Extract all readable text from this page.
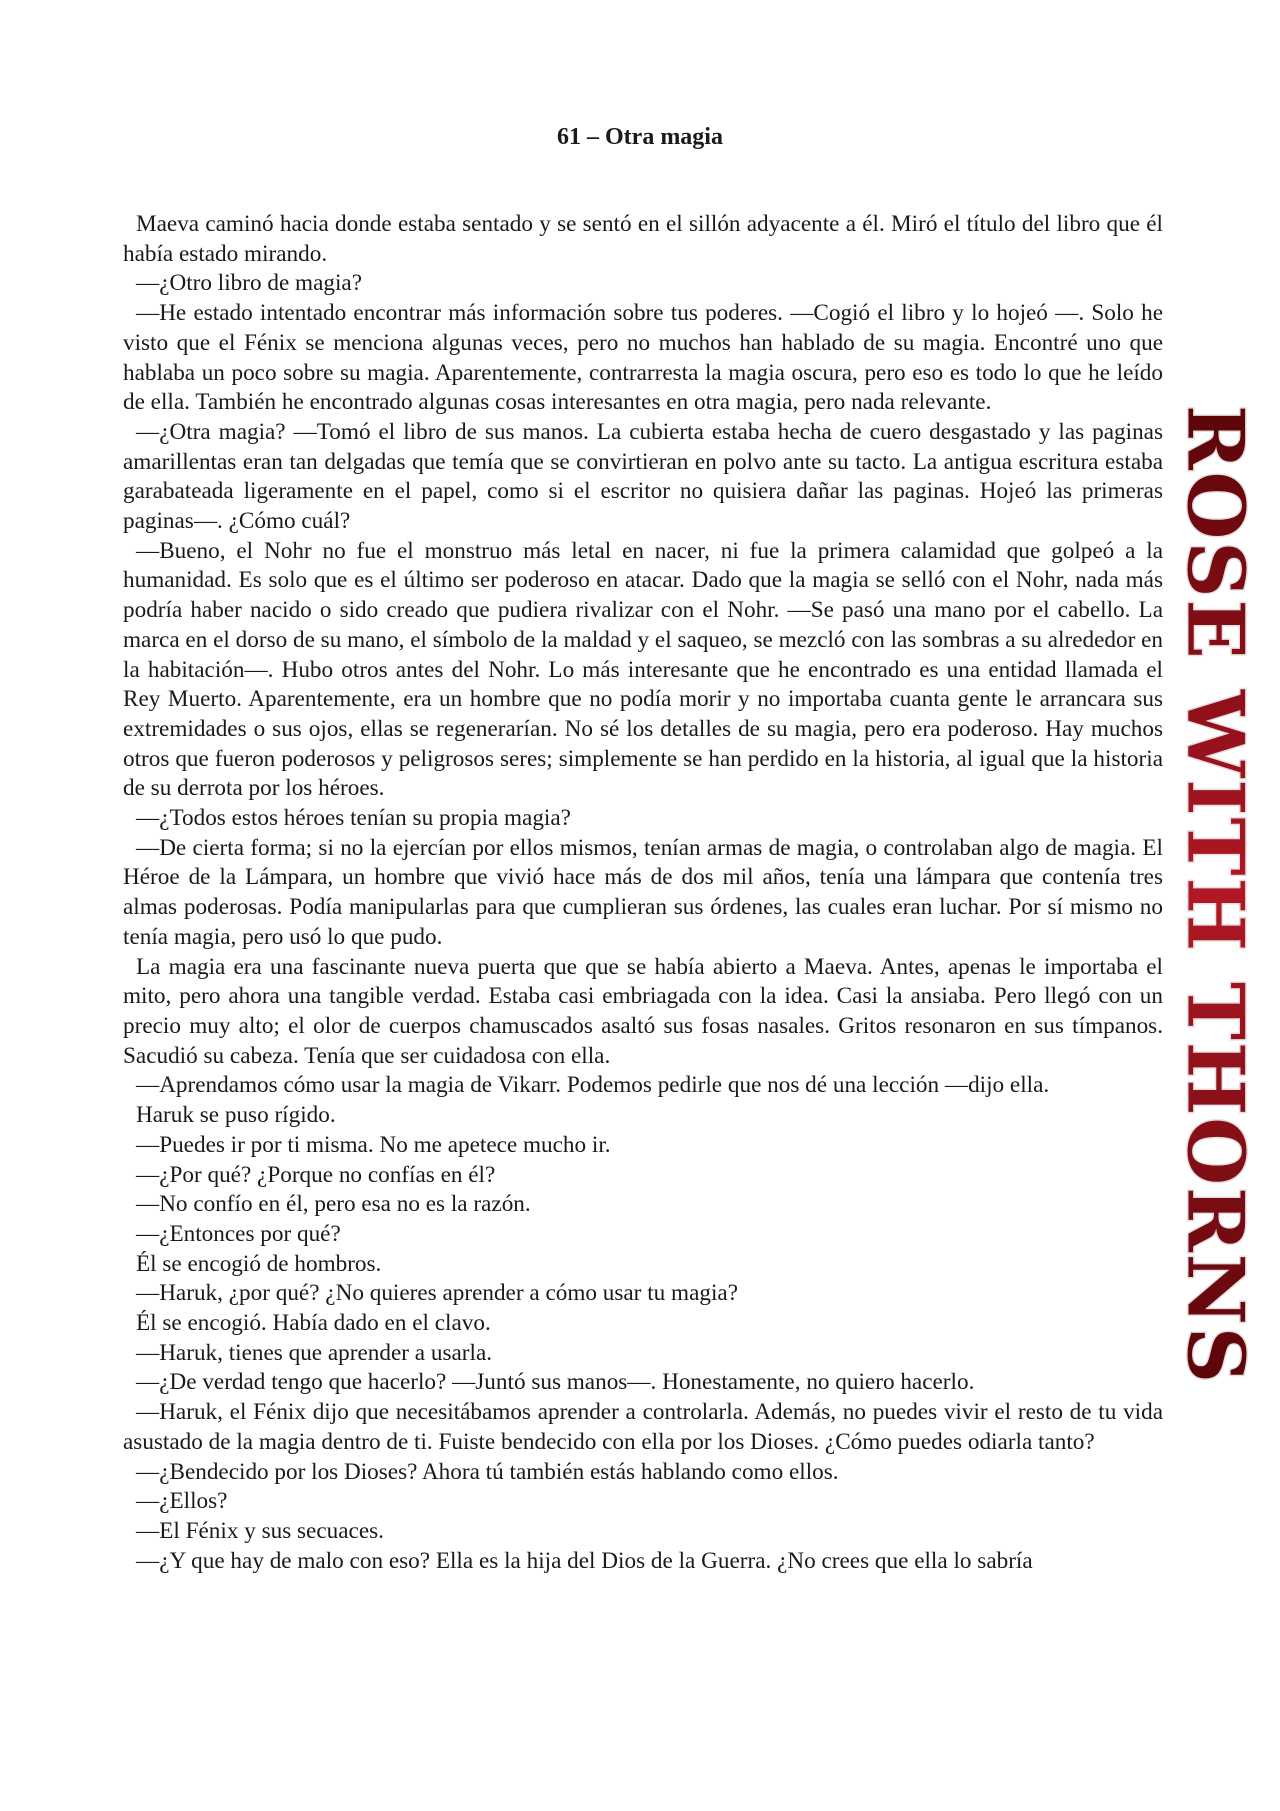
61 – Otra magia

Maeva caminó hacia donde estaba sentado y se sentó en el sillón adyacente a él. Miró el título del libro que él había estado mirando.

—¿Otro libro de magia?

—He estado intentado encontrar más información sobre tus poderes. —Cogió el libro y lo hojeó —. Solo he visto que el Fénix se menciona algunas veces, pero no muchos han hablado de su magia. Encontré uno que hablaba un poco sobre su magia. Aparentemente, contrarresta la magia oscura, pero eso es todo lo que he leído de ella. También he encontrado algunas cosas interesantes en otra magia, pero nada relevante.

—¿Otra magia? —Tomó el libro de sus manos. La cubierta estaba hecha de cuero desgastado y las paginas amarillentas eran tan delgadas que temía que se convirtieran en polvo ante su tacto. La antigua escritura estaba garabateada ligeramente en el papel, como si el escritor no quisiera dañar las paginas. Hojeó las primeras paginas—. ¿Cómo cuál?

—Bueno, el Nohr no fue el monstruo más letal en nacer, ni fue la primera calamidad que golpeó a la humanidad. Es solo que es el último ser poderoso en atacar. Dado que la magia se selló con el Nohr, nada más podría haber nacido o sido creado que pudiera rivalizar con el Nohr. —Se pasó una mano por el cabello. La marca en el dorso de su mano, el símbolo de la maldad y el saqueo, se mezcló con las sombras a su alrededor en la habitación—. Hubo otros antes del Nohr. Lo más interesante que he encontrado es una entidad llamada el Rey Muerto. Aparentemente, era un hombre que no podía morir y no importaba cuanta gente le arrancara sus extremidades o sus ojos, ellas se regenerarían. No sé los detalles de su magia, pero era poderoso. Hay muchos otros que fueron poderosos y peligrosos seres; simplemente se han perdido en la historia, al igual que la historia de su derrota por los héroes.

—¿Todos estos héroes tenían su propia magia?

—De cierta forma; si no la ejercían por ellos mismos, tenían armas de magia, o controlaban algo de magia. El Héroe de la Lámpara, un hombre que vivió hace más de dos mil años, tenía una lámpara que contenía tres almas poderosas. Podía manipularlas para que cumplieran sus órdenes, las cuales eran luchar. Por sí mismo no tenía magia, pero usó lo que pudo.

La magia era una fascinante nueva puerta que que se había abierto a Maeva. Antes, apenas le importaba el mito, pero ahora una tangible verdad. Estaba casi embriagada con la idea. Casi la ansiaba. Pero llegó con un precio muy alto; el olor de cuerpos chamuscados asaltó sus fosas nasales. Gritos resonaron en sus tímpanos. Sacudió su cabeza. Tenía que ser cuidadosa con ella.

—Aprendamos cómo usar la magia de Vikarr. Podemos pedirle que nos dé una lección —dijo ella.

Haruk se puso rígido.

—Puedes ir por ti misma. No me apetece mucho ir.

—¿Por qué? ¿Porque no confías en él?

—No confío en él, pero esa no es la razón.

—¿Entonces por qué?

Él se encogió de hombros.

—Haruk, ¿por qué? ¿No quieres aprender a cómo usar tu magia?

Él se encogió. Había dado en el clavo.

—Haruk, tienes que aprender a usarla.

—¿De verdad tengo que hacerlo? —Juntó sus manos—. Honestamente, no quiero hacerlo.

—Haruk, el Fénix dijo que necesitábamos aprender a controlarla. Además, no puedes vivir el resto de tu vida asustado de la magia dentro de ti. Fuiste bendecido con ella por los Dioses. ¿Cómo puedes odiarla tanto?

—¿Bendecido por los Dioses? Ahora tú también estás hablando como ellos.

—¿Ellos?

—El Fénix y sus secuaces.

—¿Y que hay de malo con eso? Ella es la hija del Dios de la Guerra. ¿No crees que ella lo sabría

ROSE WITH THORNS
